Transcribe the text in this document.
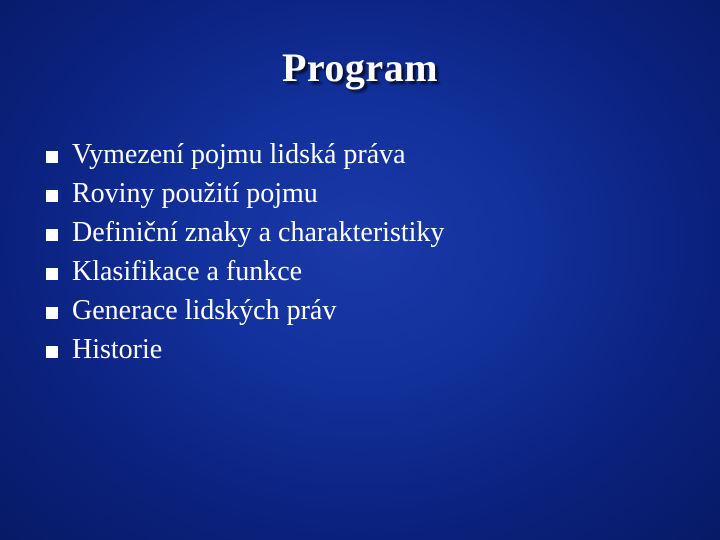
Program
Vymezení pojmu lidská práva
Roviny použití pojmu
Definiční znaky a charakteristiky
Klasifikace a funkce
Generace lidských práv
Historie
